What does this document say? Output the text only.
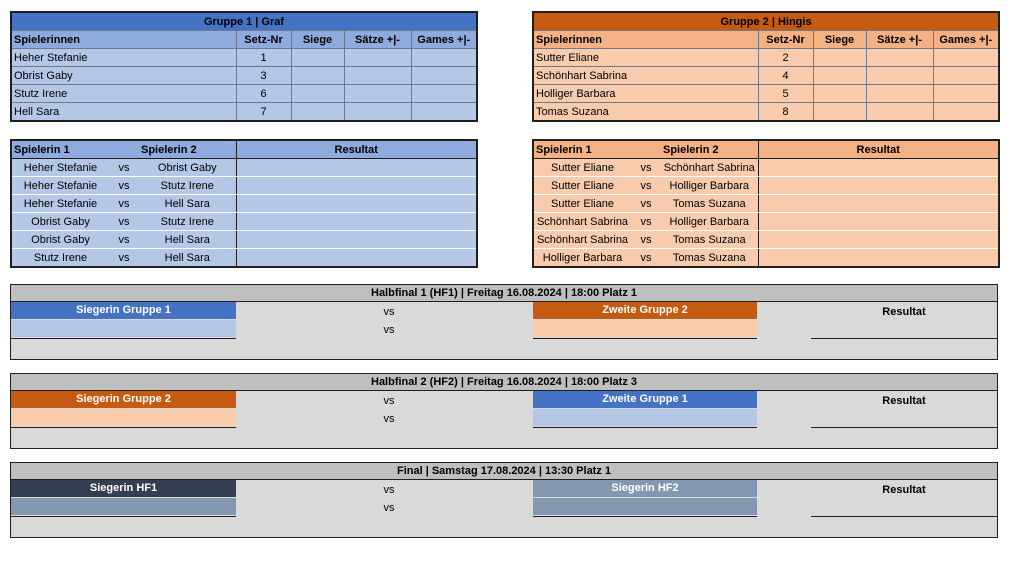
Gruppe 1 | Graf				
Spielerinnen	Setz-Nr	Siege	Sätze +|-	Games +|-
Heher Stefanie	1			
Obrist Gaby	3			
Stutz Irene	6			
Hell Sara	7			
Gruppe 2 | Hingis				
Spielerinnen	Setz-Nr	Siege	Sätze +|-	Games +|-
Sutter Eliane	2			
Schönhart Sabrina	4			
Holliger Barbara	5			
Tomas Suzana	8			
Spielerin 1		Spielerin 2	Resultat
Heher Stefanie	vs	Obrist Gaby	
Heher Stefanie	vs	Stutz Irene	
Heher Stefanie	vs	Hell Sara	
Obrist Gaby	vs	Stutz Irene	
Obrist Gaby	vs	Hell Sara	
Stutz Irene	vs	Hell Sara	
Spielerin 1		Spielerin 2	Resultat
Sutter Eliane	vs	Schönhart Sabrina	
Sutter Eliane	vs	Holliger Barbara	
Sutter Eliane	vs	Tomas Suzana	
Schönhart Sabrina	vs	Holliger Barbara	
Schönhart Sabrina	vs	Tomas Suzana	
Holliger Barbara	vs	Tomas Suzana	
Halbfinal 1 (HF1) | Freitag 16.08.2024 | 18:00 Platz 1
Siegerin Gruppe 1	vs
vs
Zweite Gruppe 2	Resultat
Halbfinal 2 (HF2) | Freitag 16.08.2024 | 18:00 Platz 3
Siegerin Gruppe 2	vs
vs
Zweite Gruppe 1	Resultat
Final | Samstag 17.08.2024 | 13:30 Platz 1
Siegerin HF1	vs
vs
Siegerin HF2	Resultat
